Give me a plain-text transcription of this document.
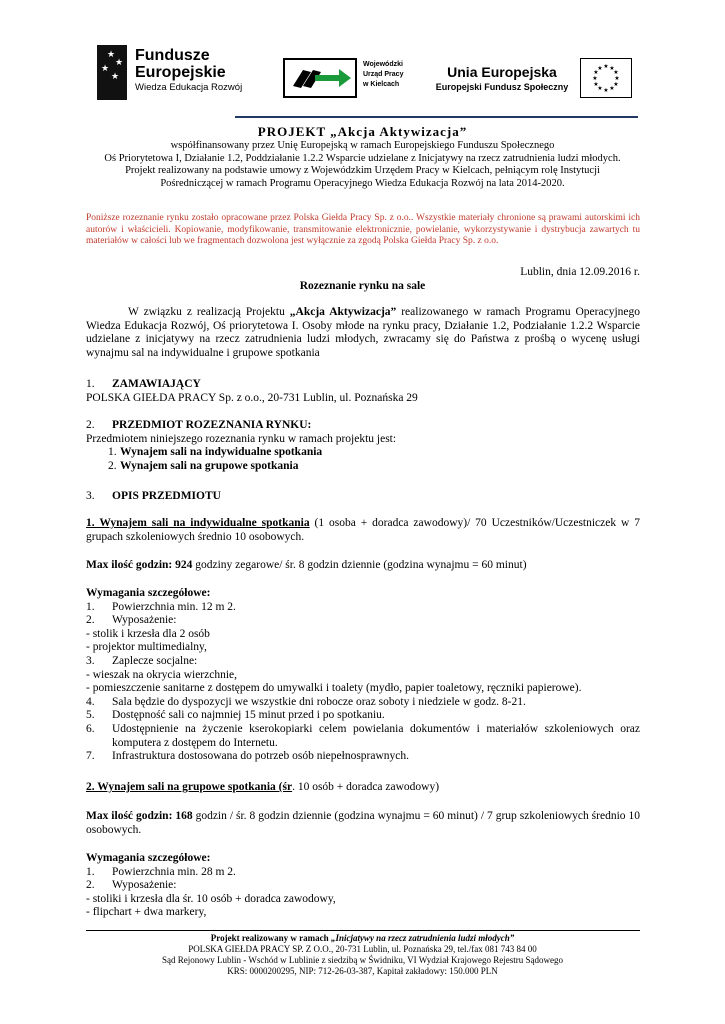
★
★
★
★
Fundusze
Europejskie
Wiedza Edukacja Rozwój
Wojewódzki
Urząd Pracy
w Kielcach
Unia Europejska
Europejski Fundusz Społeczny
★ ★
★
★
★
★
★
★
★
★
★
★
PROJEKT „Akcja Aktywizacja”
współfinansowany przez Unię Europejską w ramach Europejskiego Funduszu Społecznego
Oś Priorytetowa I, Działanie 1.2, Poddziałanie 1.2.2 Wsparcie udzielane z Inicjatywy na rzecz zatrudnienia ludzi młodych.
Projekt realizowany na podstawie umowy z Wojewódzkim Urzędem Pracy w Kielcach, pełniącym rolę Instytucji
Pośredniczącej w ramach Programu Operacyjnego Wiedza Edukacja Rozwój na lata 2014-2020.
Poniższe rozeznanie rynku zostało opracowane przez Polska Giełda Pracy Sp. z o.o.. Wszystkie materiały chronione są prawami autorskimi ich autorów i właścicieli. Kopiowanie, modyfikowanie, transmitowanie elektronicznie, powielanie, wykorzystywanie i dystrybucja zawartych tu materiałów w całości lub we fragmentach dozwolona jest wyłącznie za zgodą Polska Giełda Pracy Sp. z o.o.
Lublin, dnia 12.09.2016 r.
Rozeznanie rynku na sale

W związku z realizacją Projektu „Akcja Aktywizacja” realizowanego w ramach Programu Operacyjnego Wiedza Edukacja Rozwój, Oś priorytetowa I. Osoby młode na rynku pracy, Działanie 1.2, Podziałanie 1.2.2 Wsparcie udzielane z inicjatywy na rzecz zatrudnienia ludzi młodych, zwracamy się do Państwa z prośbą o wycenę usługi wynajmu sal na indywidualne i grupowe spotkania

1.	ZAMAWIAJĄCY
POLSKA GIEŁDA PRACY Sp. z o.o., 20-731 Lublin, ul. Poznańska 29
2.	PRZEDMIOT ROZEZNANIA RYNKU:
Przedmiotem niniejszego rozeznania rynku w ramach projektu jest:
1. Wynajem sali na indywidualne spotkania
2. Wynajem sali na grupowe spotkania
3.	OPIS PRZEDMIOTU
1. Wynajem sali na indywidualne spotkania (1 osoba + doradca zawodowy)/ 70 Uczestników/Uczestniczek w 7 grupach szkoleniowych średnio 10 osobowych.
Max ilość godzin: 924 godziny zegarowe/ śr. 8 godzin dziennie (godzina wynajmu = 60 minut)
Wymagania szczegółowe:
1.	Powierzchnia min. 12 m 2.
2.	Wyposażenie:
- stolik i krzesła dla 2 osób
- projektor multimedialny,
3.	Zaplecze socjalne:
- wieszak na okrycia wierzchnie,
- pomieszczenie sanitarne z dostępem do umywalki i toalety (mydło, papier toaletowy, ręczniki papierowe).
4.	Sala będzie do dyspozycji we wszystkie dni robocze oraz soboty i niedziele w godz. 8-21.
5.	Dostępność sali co najmniej 15 minut przed i po spotkaniu.
6.	Udostępnienie na życzenie kserokopiarki celem powielania dokumentów i materiałów szkoleniowych oraz komputera z dostępem do Internetu.
7.	Infrastruktura dostosowana do potrzeb osób niepełnosprawnych.
2. Wynajem sali na grupowe spotkania (śr. 10 osób + doradca zawodowy)
Max ilość godzin: 168 godzin / śr. 8 godzin dziennie (godzina wynajmu = 60 minut) / 7 grup szkoleniowych średnio 10 osobowych.
Wymagania szczegółowe:
1.	Powierzchnia min. 28 m 2.
2.	Wyposażenie:
- stoliki i krzesła dla śr. 10 osób + doradca zawodowy,
- flipchart + dwa markery,
Projekt realizowany w ramach „Inicjatywy na rzecz zatrudnienia ludzi młodych”
POLSKA GIEŁDA PRACY SP. Z O.O., 20-731 Lublin, ul. Poznańska 29, tel./fax 081 743 84 00
Sąd Rejonowy Lublin - Wschód w Lublinie z siedzibą w Świdniku, VI Wydział Krajowego Rejestru Sądowego
KRS: 0000200295, NIP: 712-26-03-387, Kapitał zakładowy: 150.000 PLN
